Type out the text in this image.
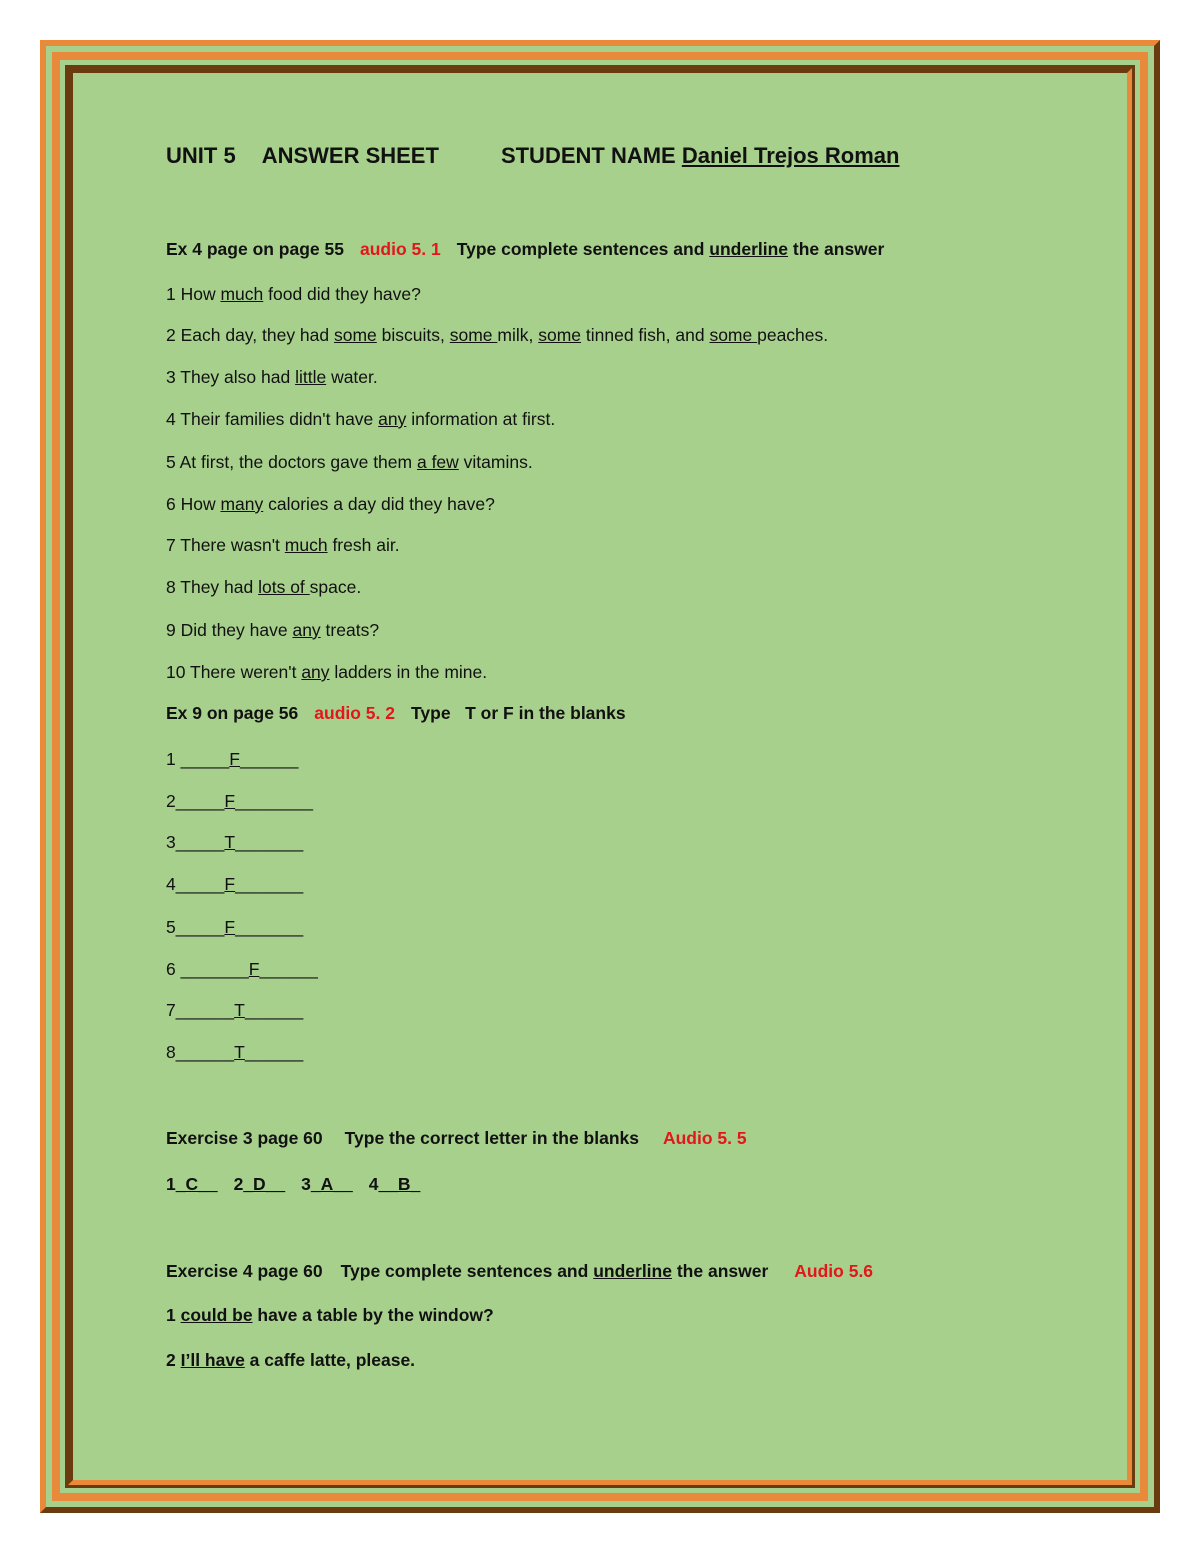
UNIT 5 ANSWER SHEET	STUDENT NAME Daniel Trejos Roman
Ex 4 page on page 55 audio 5. 1 Type complete sentences and underline the answer
1 How much food did they have?
2 Each day, they had some biscuits, some milk, some tinned fish, and some peaches.
3 They also had little water.
4 Their families didn't have any information at first.
5 At first, the doctors gave them a few vitamins.
6 How many calories a day did they have?
7 There wasn't much fresh air.
8 They had lots of space.
9 Did they have any treats?
10 There weren't any ladders in the mine.
Ex 9 on page 56 audio 5. 2 Type   T or F in the blanks
1 _____F______
2_____F________
3_____T_______
4_____F_______
5_____F_______
6 _______F______
7______T______
8______T______
Exercise 3 page 60 Type the correct letter in the blanks Audio 5. 5
1_C__ 2_D__ 3_A__ 4__B_
Exercise 4 page 60 Type complete sentences and underline the answer Audio 5.6
1 could be have a table by the window?
2 I’ll have a caffe latte, please.
